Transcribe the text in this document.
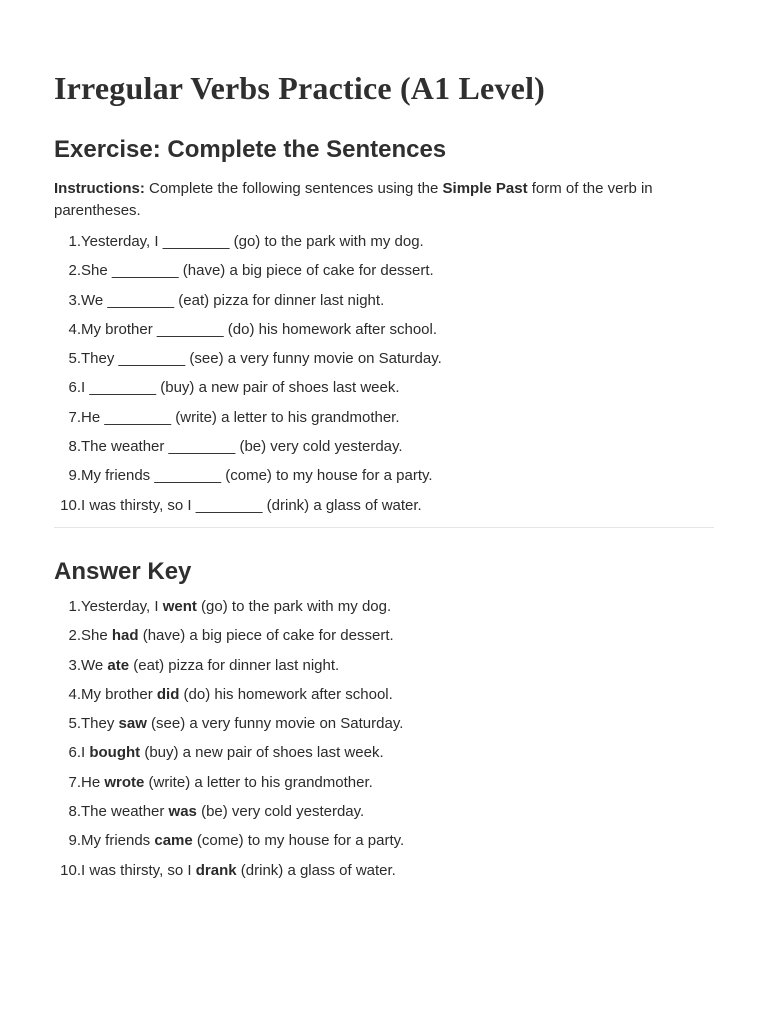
Irregular Verbs Practice (A1 Level)
Exercise: Complete the Sentences

Instructions: Complete the following sentences using the Simple Past form of the verb in parentheses.

1. Yesterday, I ________ (go) to the park with my dog.
2. She ________ (have) a big piece of cake for dessert.
3. We ________ (eat) pizza for dinner last night.
4. My brother ________ (do) his homework after school.
5. They ________ (see) a very funny movie on Saturday.
6. I ________ (buy) a new pair of shoes last week.
7. He ________ (write) a letter to his grandmother.
8. The weather ________ (be) very cold yesterday.
9. My friends ________ (come) to my house for a party.
10. I was thirsty, so I ________ (drink) a glass of water.
Answer Key
1. Yesterday, I went (go) to the park with my dog.
2. She had (have) a big piece of cake for dessert.
3. We ate (eat) pizza for dinner last night.
4. My brother did (do) his homework after school.
5. They saw (see) a very funny movie on Saturday.
6. I bought (buy) a new pair of shoes last week.
7. He wrote (write) a letter to his grandmother.
8. The weather was (be) very cold yesterday.
9. My friends came (come) to my house for a party.
10. I was thirsty, so I drank (drink) a glass of water.
